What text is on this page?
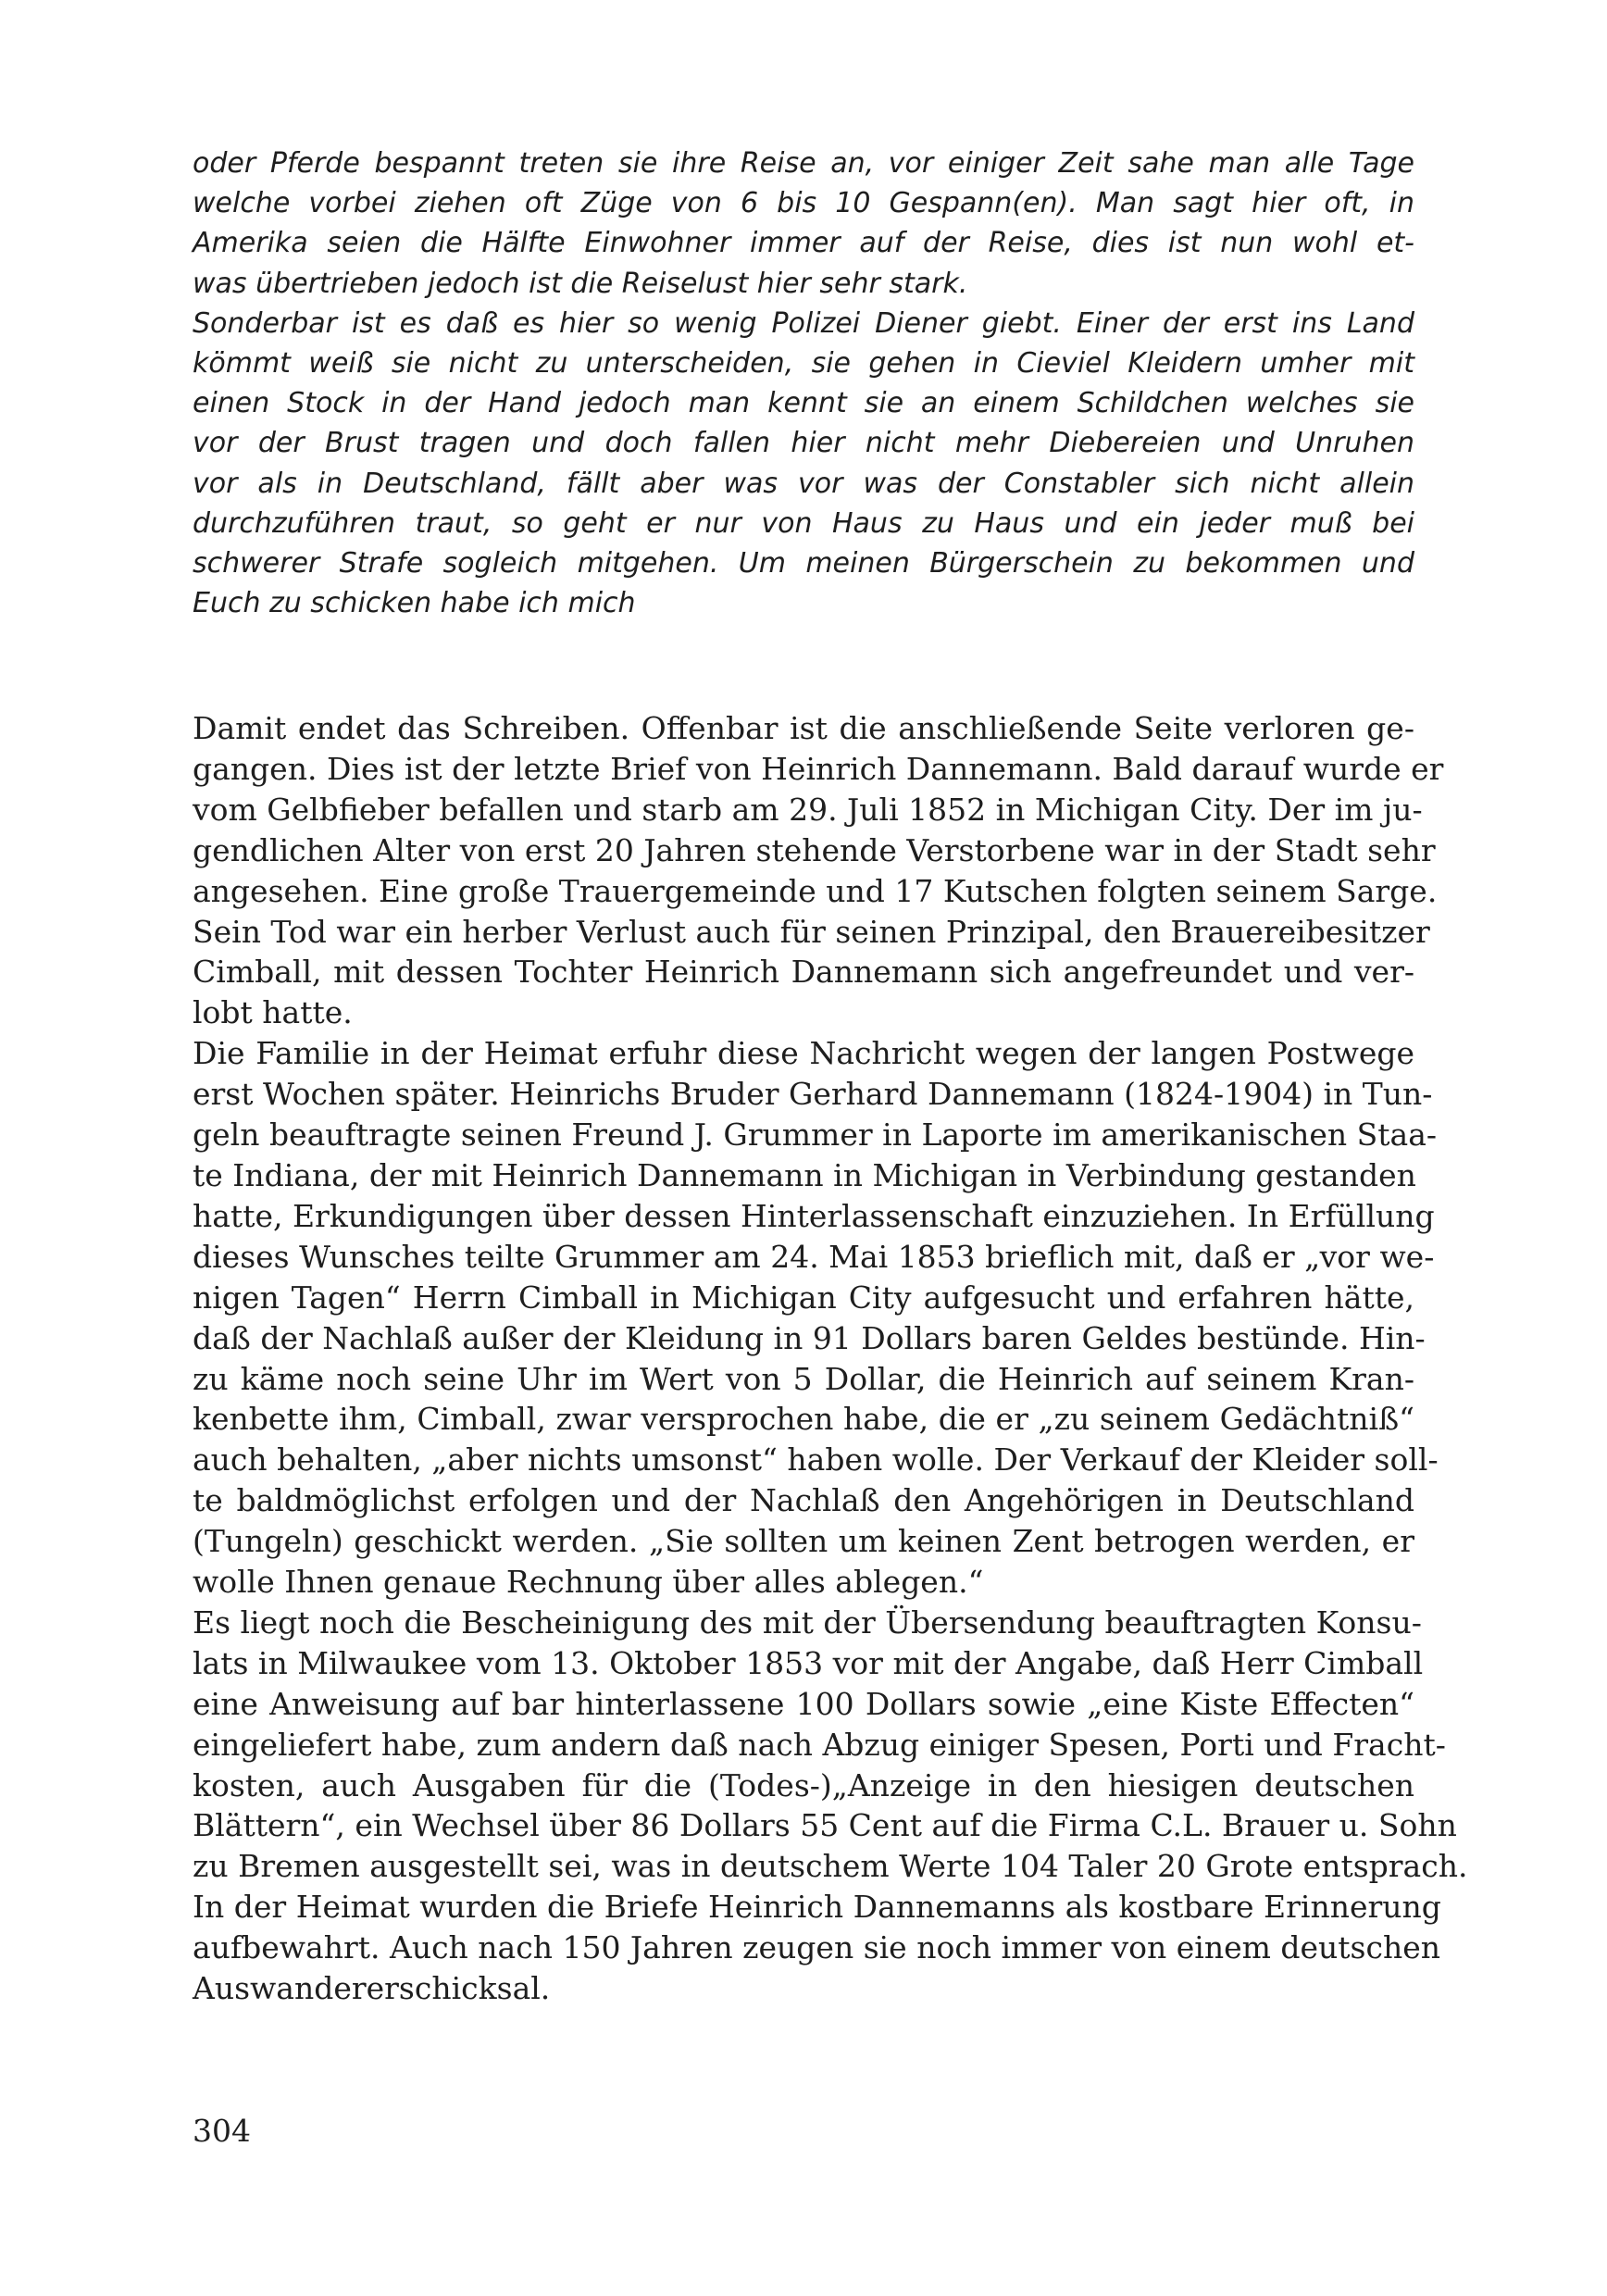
oder Pferde bespannt treten sie ihre Reise an, vor einiger Zeit sahe man alle Tage
welche vorbei ziehen oft Züge von 6 bis 10 Gespann(en). Man sagt hier oft, in
Amerika seien die Hälfte Einwohner immer auf der Reise, dies ist nun wohl et-
was übertrieben jedoch ist die Reiselust hier sehr stark.
Sonderbar ist es daß es hier so wenig Polizei Diener giebt. Einer der erst ins Land
kömmt weiß sie nicht zu unterscheiden, sie gehen in Cieviel Kleidern umher mit
einen Stock in der Hand jedoch man kennt sie an einem Schildchen welches sie
vor der Brust tragen und doch fallen hier nicht mehr Diebereien und Unruhen
vor als in Deutschland, fällt aber was vor was der Constabler sich nicht allein
durchzuführen traut, so geht er nur von Haus zu Haus und ein jeder muß bei
schwerer Strafe sogleich mitgehen. Um meinen Bürgerschein zu bekommen und
Euch zu schicken habe ich mich
Damit endet das Schreiben. Offenbar ist die anschließende Seite verloren ge-
gangen. Dies ist der letzte Brief von Heinrich Dannemann. Bald darauf wurde er
vom Gelbfieber befallen und starb am 29. Juli 1852 in Michigan City. Der im ju-
gendlichen Alter von erst 20 Jahren stehende Verstorbene war in der Stadt sehr
angesehen. Eine große Trauergemeinde und 17 Kutschen folgten seinem Sarge.
Sein Tod war ein herber Verlust auch für seinen Prinzipal, den Brauereibesitzer
Cimball, mit dessen Tochter Heinrich Dannemann sich angefreundet und ver-
lobt hatte.
Die Familie in der Heimat erfuhr diese Nachricht wegen der langen Postwege
erst Wochen später. Heinrichs Bruder Gerhard Dannemann (1824-1904) in Tun-
geln beauftragte seinen Freund J. Grummer in Laporte im amerikanischen Staa-
te Indiana, der mit Heinrich Dannemann in Michigan in Verbindung gestanden
hatte, Erkundigungen über dessen Hinterlassenschaft einzuziehen. In Erfüllung
dieses Wunsches teilte Grummer am 24. Mai 1853 brieflich mit, daß er „vor we-
nigen Tagen“ Herrn Cimball in Michigan City aufgesucht und erfahren hätte,
daß der Nachlaß außer der Kleidung in 91 Dollars baren Geldes bestünde. Hin-
zu käme noch seine Uhr im Wert von 5 Dollar, die Heinrich auf seinem Kran-
kenbette ihm, Cimball, zwar versprochen habe, die er „zu seinem Gedächtniß“
auch behalten, „aber nichts umsonst“ haben wolle. Der Verkauf der Kleider soll-
te baldmöglichst erfolgen und der Nachlaß den Angehörigen in Deutschland
(Tungeln) geschickt werden. „Sie sollten um keinen Zent betrogen werden, er
wolle Ihnen genaue Rechnung über alles ablegen.“
Es liegt noch die Bescheinigung des mit der Übersendung beauftragten Konsu-
lats in Milwaukee vom 13. Oktober 1853 vor mit der Angabe, daß Herr Cimball
eine Anweisung auf bar hinterlassene 100 Dollars sowie „eine Kiste Effecten“
eingeliefert habe, zum andern daß nach Abzug einiger Spesen, Porti und Fracht-
kosten, auch Ausgaben für die (Todes-)„Anzeige in den hiesigen deutschen
Blättern“, ein Wechsel über 86 Dollars 55 Cent auf die Firma C.L. Brauer u. Sohn
zu Bremen ausgestellt sei, was in deutschem Werte 104 Taler 20 Grote entsprach.
In der Heimat wurden die Briefe Heinrich Dannemanns als kostbare Erinnerung
aufbewahrt. Auch nach 150 Jahren zeugen sie noch immer von einem deutschen
Auswandererschicksal.
304
